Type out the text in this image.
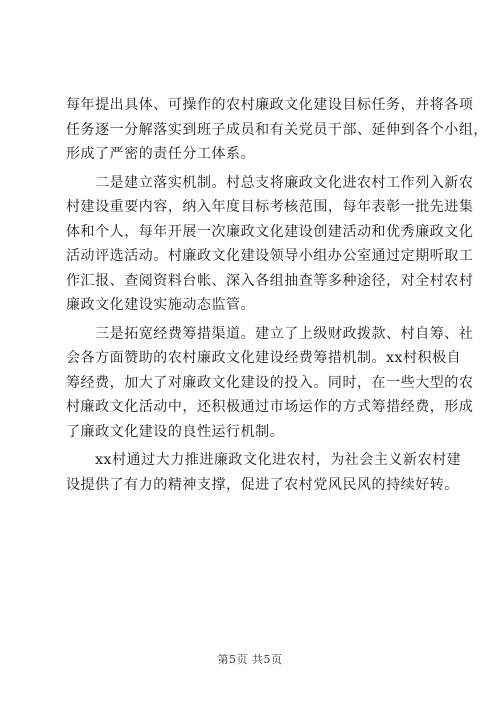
每年提出具体、可操作的农村廉政文化建设目标任务，并将各项
任务逐一分解落实到班子成员和有关党员干部、延伸到各个小组，
形成了严密的责任分工体系。
　　二是建立落实机制。村总支将廉政文化进农村工作列入新农
村建设重要内容，纳入年度目标考核范围，每年表彰一批先进集
体和个人，每年开展一次廉政文化建设创建活动和优秀廉政文化
活动评选活动。村廉政文化建设领导小组办公室通过定期听取工
作汇报、查阅资料台帐、深入各组抽查等多种途径，对全村农村
廉政文化建设实施动态监管。
　　三是拓宽经费筹措渠道。建立了上级财政拨款、村自筹、社
会各方面赞助的农村廉政文化建设经费筹措机制。xx村积极自
筹经费，加大了对廉政文化建设的投入。同时，在一些大型的农
村廉政文化活动中，还积极通过市场运作的方式筹措经费，形成
了廉政文化建设的良性运行机制。
　　xx村通过大力推进廉政文化进农村，为社会主义新农村建
设提供了有力的精神支撑，促进了农村党风民风的持续好转。
第5页 共5页
